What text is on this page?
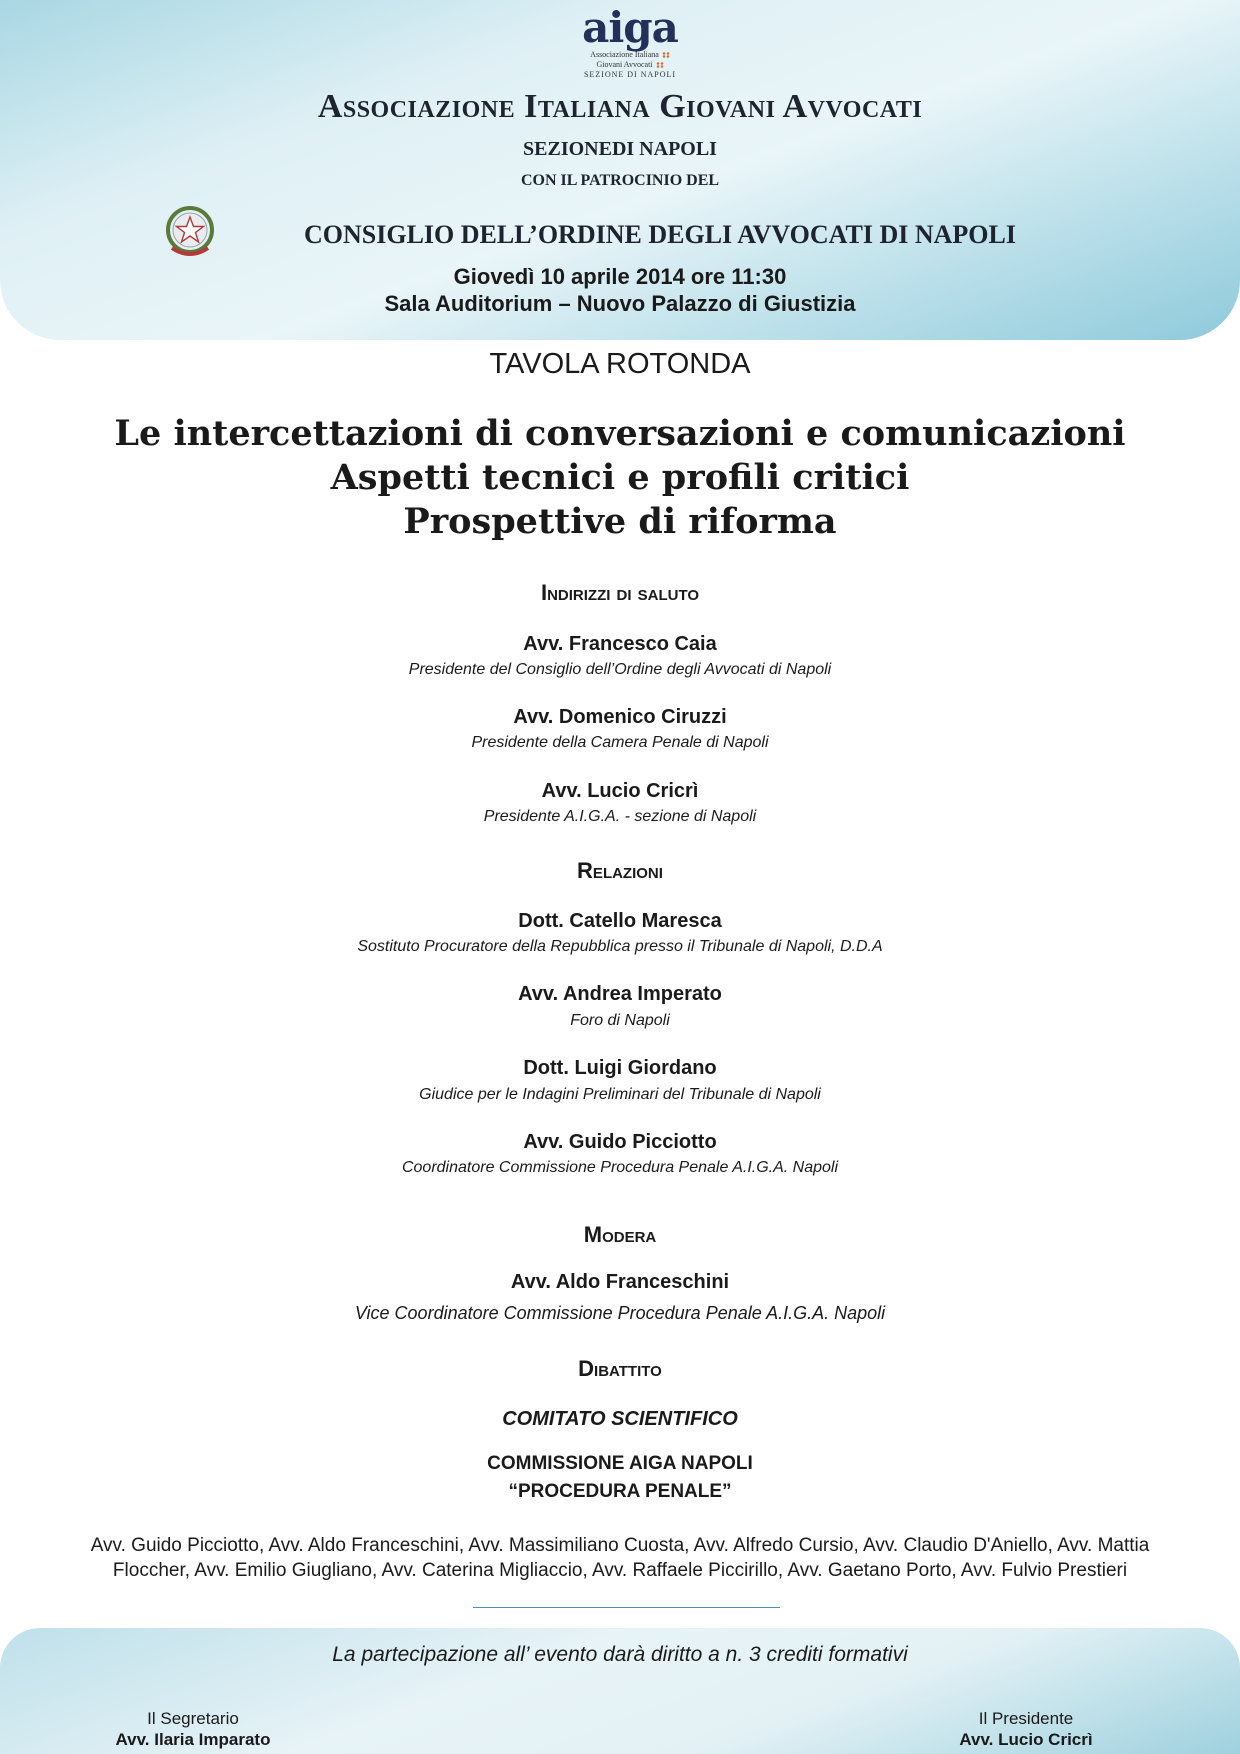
aiga
Associazione Italiana
Giovani Avvocati
SEZIONE DI NAPOLI
Associazione Italiana Giovani Avvocati
SEZIONEDI NAPOLI
CON IL PATROCINIO DEL
CONSIGLIO DELL’ORDINE DEGLI AVVOCATI DI NAPOLI
Giovedì 10 aprile 2014 ore 11:30
Sala Auditorium – Nuovo Palazzo di Giustizia
TAVOLA ROTONDA
Le intercettazioni di conversazioni e comunicazioni
Aspetti tecnici e profili critici
Prospettive di riforma
Indirizzi di saluto
Avv. Francesco Caia
Presidente del Consiglio dell’Ordine degli Avvocati di Napoli
Avv. Domenico Ciruzzi
Presidente della Camera Penale di Napoli
Avv. Lucio Cricrì
Presidente A.I.G.A. - sezione di Napoli
Relazioni
Dott. Catello Maresca
Sostituto Procuratore della Repubblica presso il Tribunale di Napoli, D.D.A
Avv. Andrea Imperato
Foro di Napoli
Dott. Luigi Giordano
Giudice per le Indagini Preliminari del Tribunale di Napoli
Avv. Guido Picciotto
Coordinatore Commissione Procedura Penale A.I.G.A. Napoli
Modera
Avv. Aldo Franceschini
Vice Coordinatore Commissione Procedura Penale A.I.G.A. Napoli
Dibattito
COMITATO SCIENTIFICO
COMMISSIONE AIGA NAPOLI
“PROCEDURA PENALE”
Avv. Guido Picciotto, Avv. Aldo Franceschini, Avv. Massimiliano Cuosta, Avv. Alfredo Cursio, Avv. Claudio D'Aniello, Avv. Mattia Floccher, Avv. Emilio Giugliano, Avv. Caterina Migliaccio, Avv. Raffaele Piccirillo, Avv. Gaetano Porto, Avv. Fulvio Prestieri
La partecipazione all’ evento darà diritto a n. 3 crediti formativi
Il Segretario
Avv. Ilaria Imparato
Il Presidente
Avv. Lucio Cricrì
